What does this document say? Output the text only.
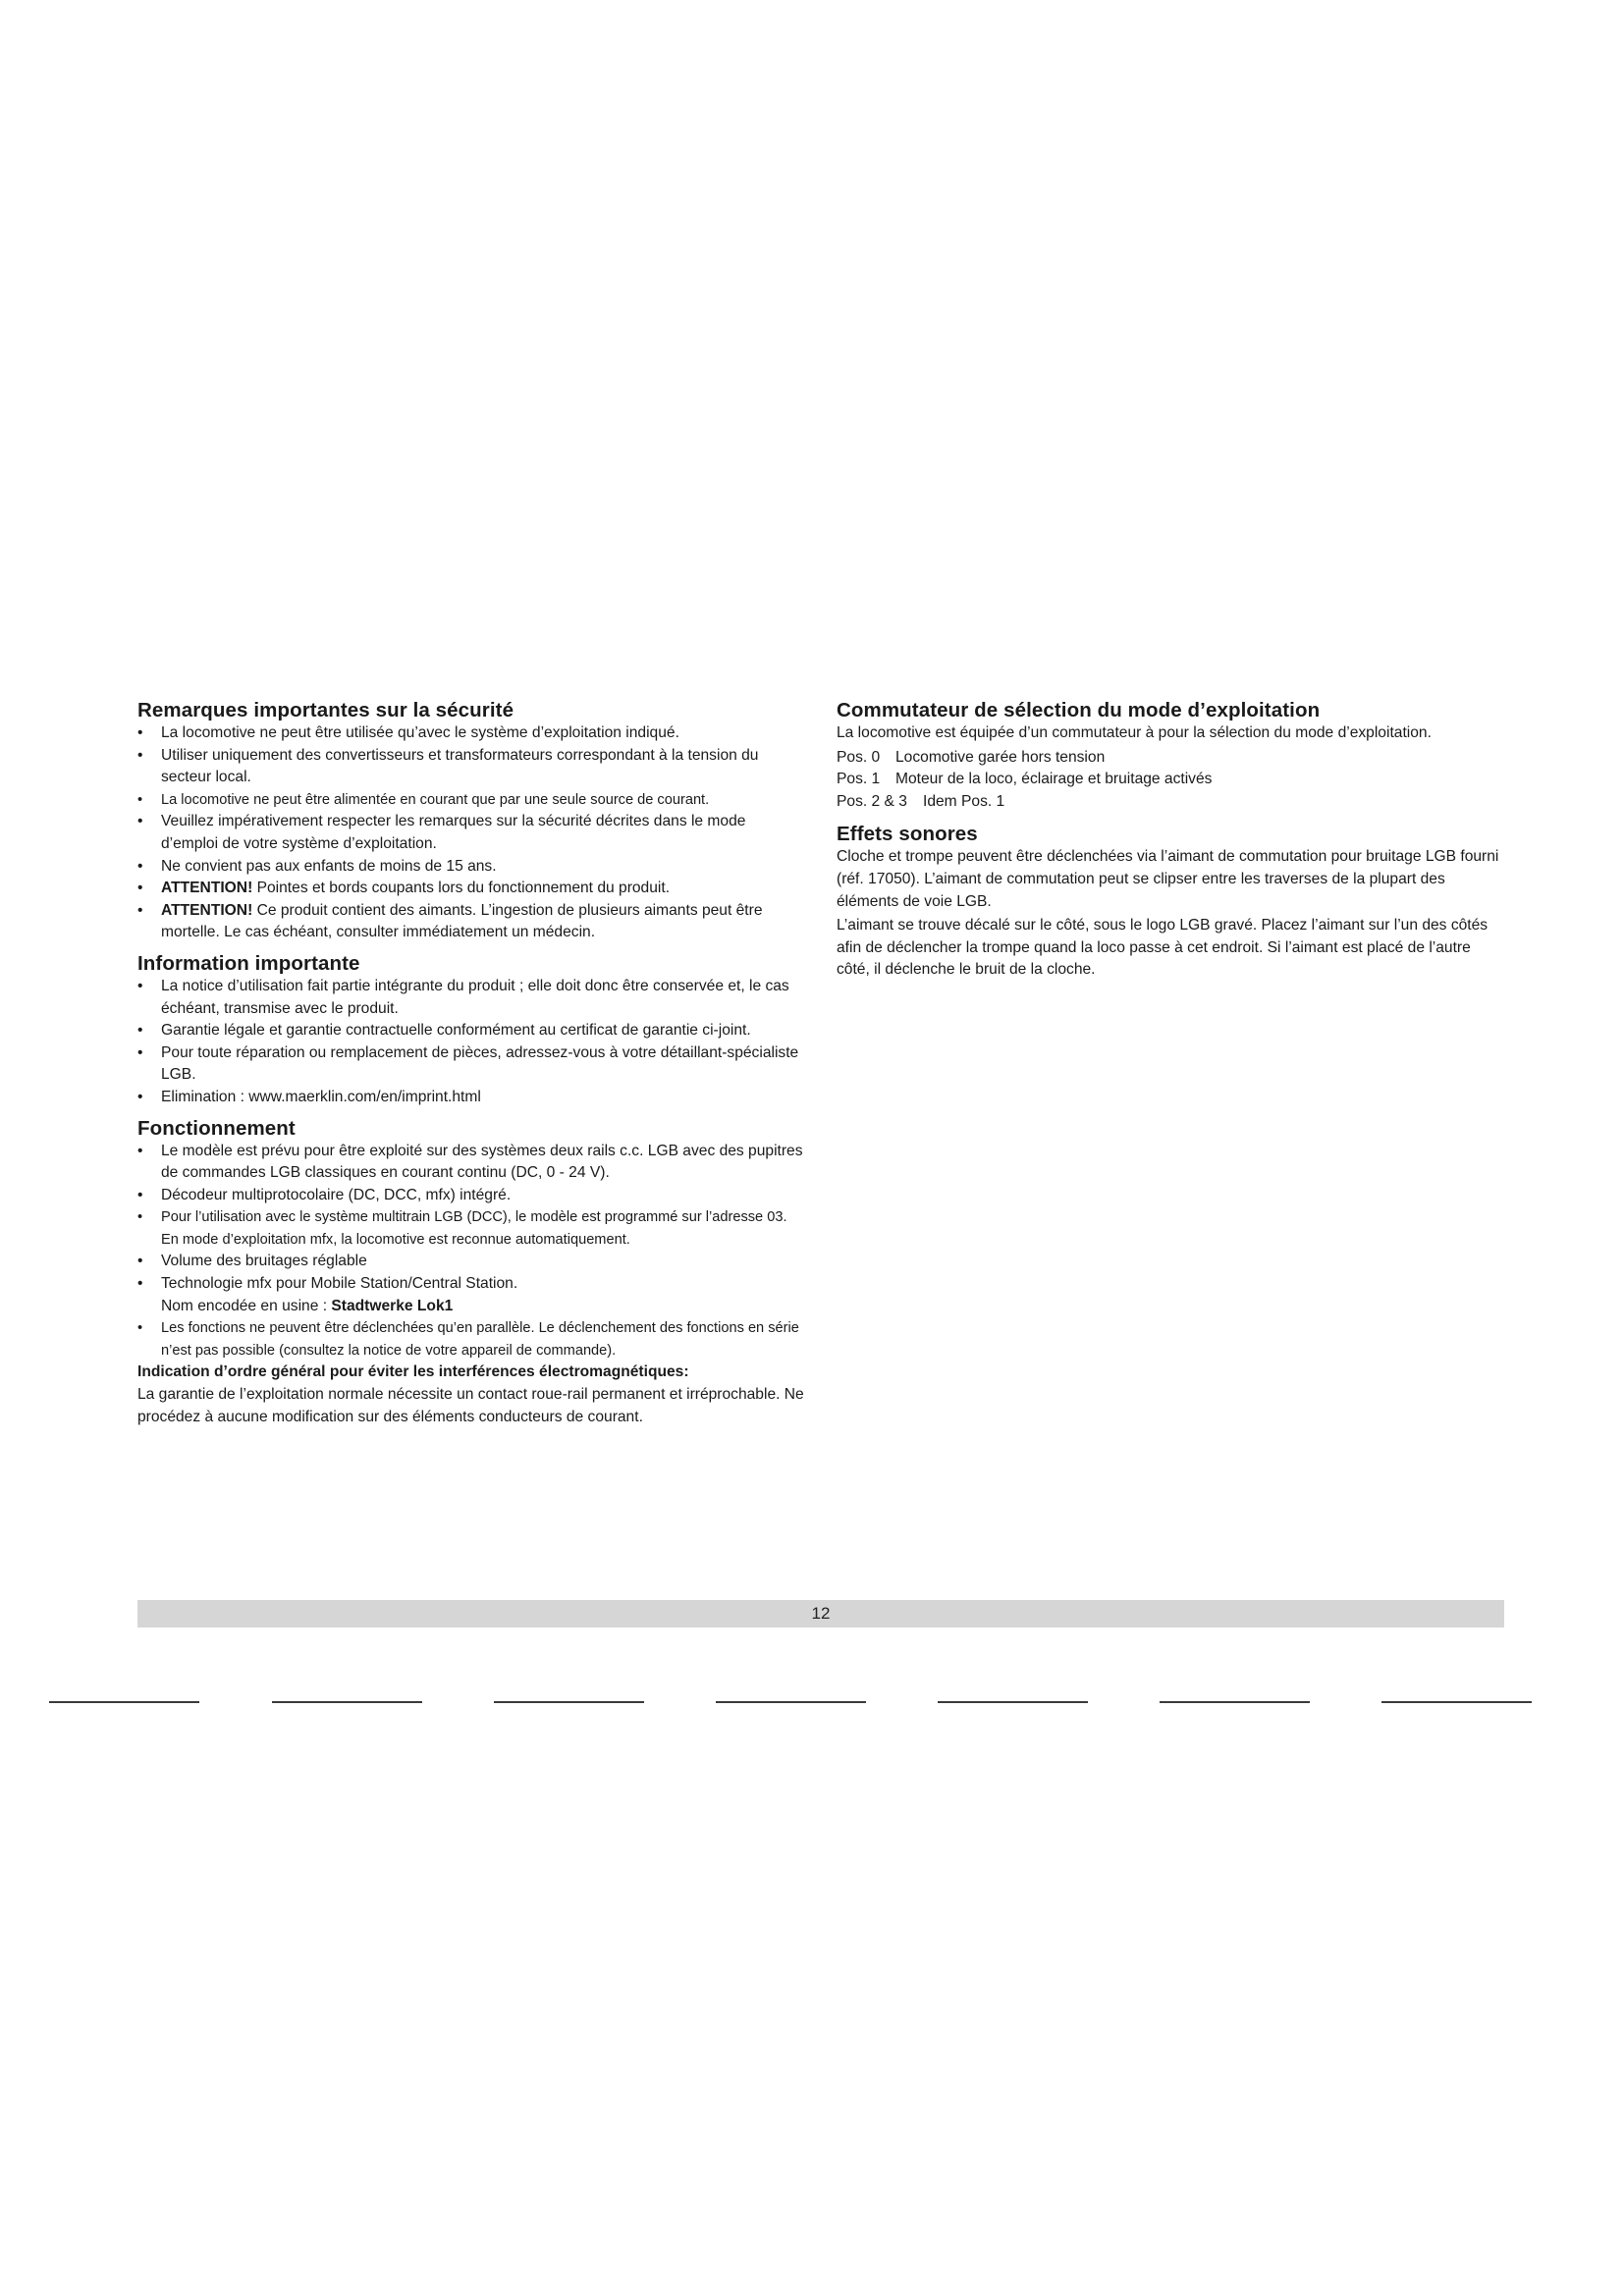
Remarques importantes sur la sécurité
• La locomotive ne peut être utilisée qu’avec le système d’exploitation indiqué.
• Utiliser uniquement des convertisseurs et transformateurs correspondant à la tension du secteur local.
• La locomotive ne peut être alimentée en courant que par une seule source de courant.
• Veuillez impérativement respecter les remarques sur la sécurité décrites dans le mode d’emploi de votre système d’exploitation.
• Ne convient pas aux enfants de moins de 15 ans.
• ATTENTION! Pointes et bords coupants lors du fonctionnement du produit.
• ATTENTION! Ce produit contient des aimants. L’ingestion de plusieurs aimants peut être mortelle. Le cas échéant, consulter immédiatement un médecin.
Information importante
• La notice d’utilisation fait partie intégrante du produit ; elle doit donc être conservée et, le cas échéant, transmise avec le produit.
• Garantie légale et garantie contractuelle conformément au certificat de garantie ci-joint.
• Pour toute réparation ou remplacement de pièces, adressez-vous à votre détaillant-spécialiste LGB.
• Elimination : www.maerklin.com/en/imprint.html
Fonctionnement
• Le modèle est prévu pour être exploité sur des systèmes deux rails c.c. LGB avec des pupitres de commandes LGB classiques en courant continu (DC, 0 - 24 V).
• Décodeur multiprotocolaire (DC, DCC, mfx) intégré.
• Pour l’utilisation avec le système multitrain LGB (DCC), le modèle est programmé sur l’adresse 03. En mode d’exploitation mfx, la locomotive est reconnue automatiquement.
• Volume des bruitages réglable
• Technologie mfx pour Mobile Station/Central Station.
Nom encodée en usine : Stadtwerke Lok1
• Les fonctions ne peuvent être déclenchées qu’en parallèle. Le déclenchement des fonctions en série n’est pas possible (consultez la notice de votre appareil de commande).

Indication d’ordre général pour éviter les interférences électromagnétiques:

La garantie de l’exploitation normale nécessite un contact roue-rail permanent et irréprochable. Ne procédez à aucune modification sur des éléments conducteurs de courant.

Commutateur de sélection du mode d’exploitation

La locomotive est équipée d’un commutateur à pour la sélection du mode d’exploitation.

Pos. 0	Locomotive garée hors tension
Pos. 1	Moteur de la loco, éclairage et bruitage activés
Pos. 2 & 3	Idem Pos. 1
Effets sonores

Cloche et trompe peuvent être déclenchées via l’aimant de commutation pour bruitage LGB fourni (réf. 17050). L’aimant de commutation peut se clipser entre les traverses de la plupart des éléments de voie LGB.

L’aimant se trouve décalé sur le côté, sous le logo LGB gravé. Placez l’aimant sur l’un des côtés afin de déclencher la trompe quand la loco passe à cet endroit. Si l’aimant est placé de l’autre côté, il déclenche le bruit de la cloche.

12
